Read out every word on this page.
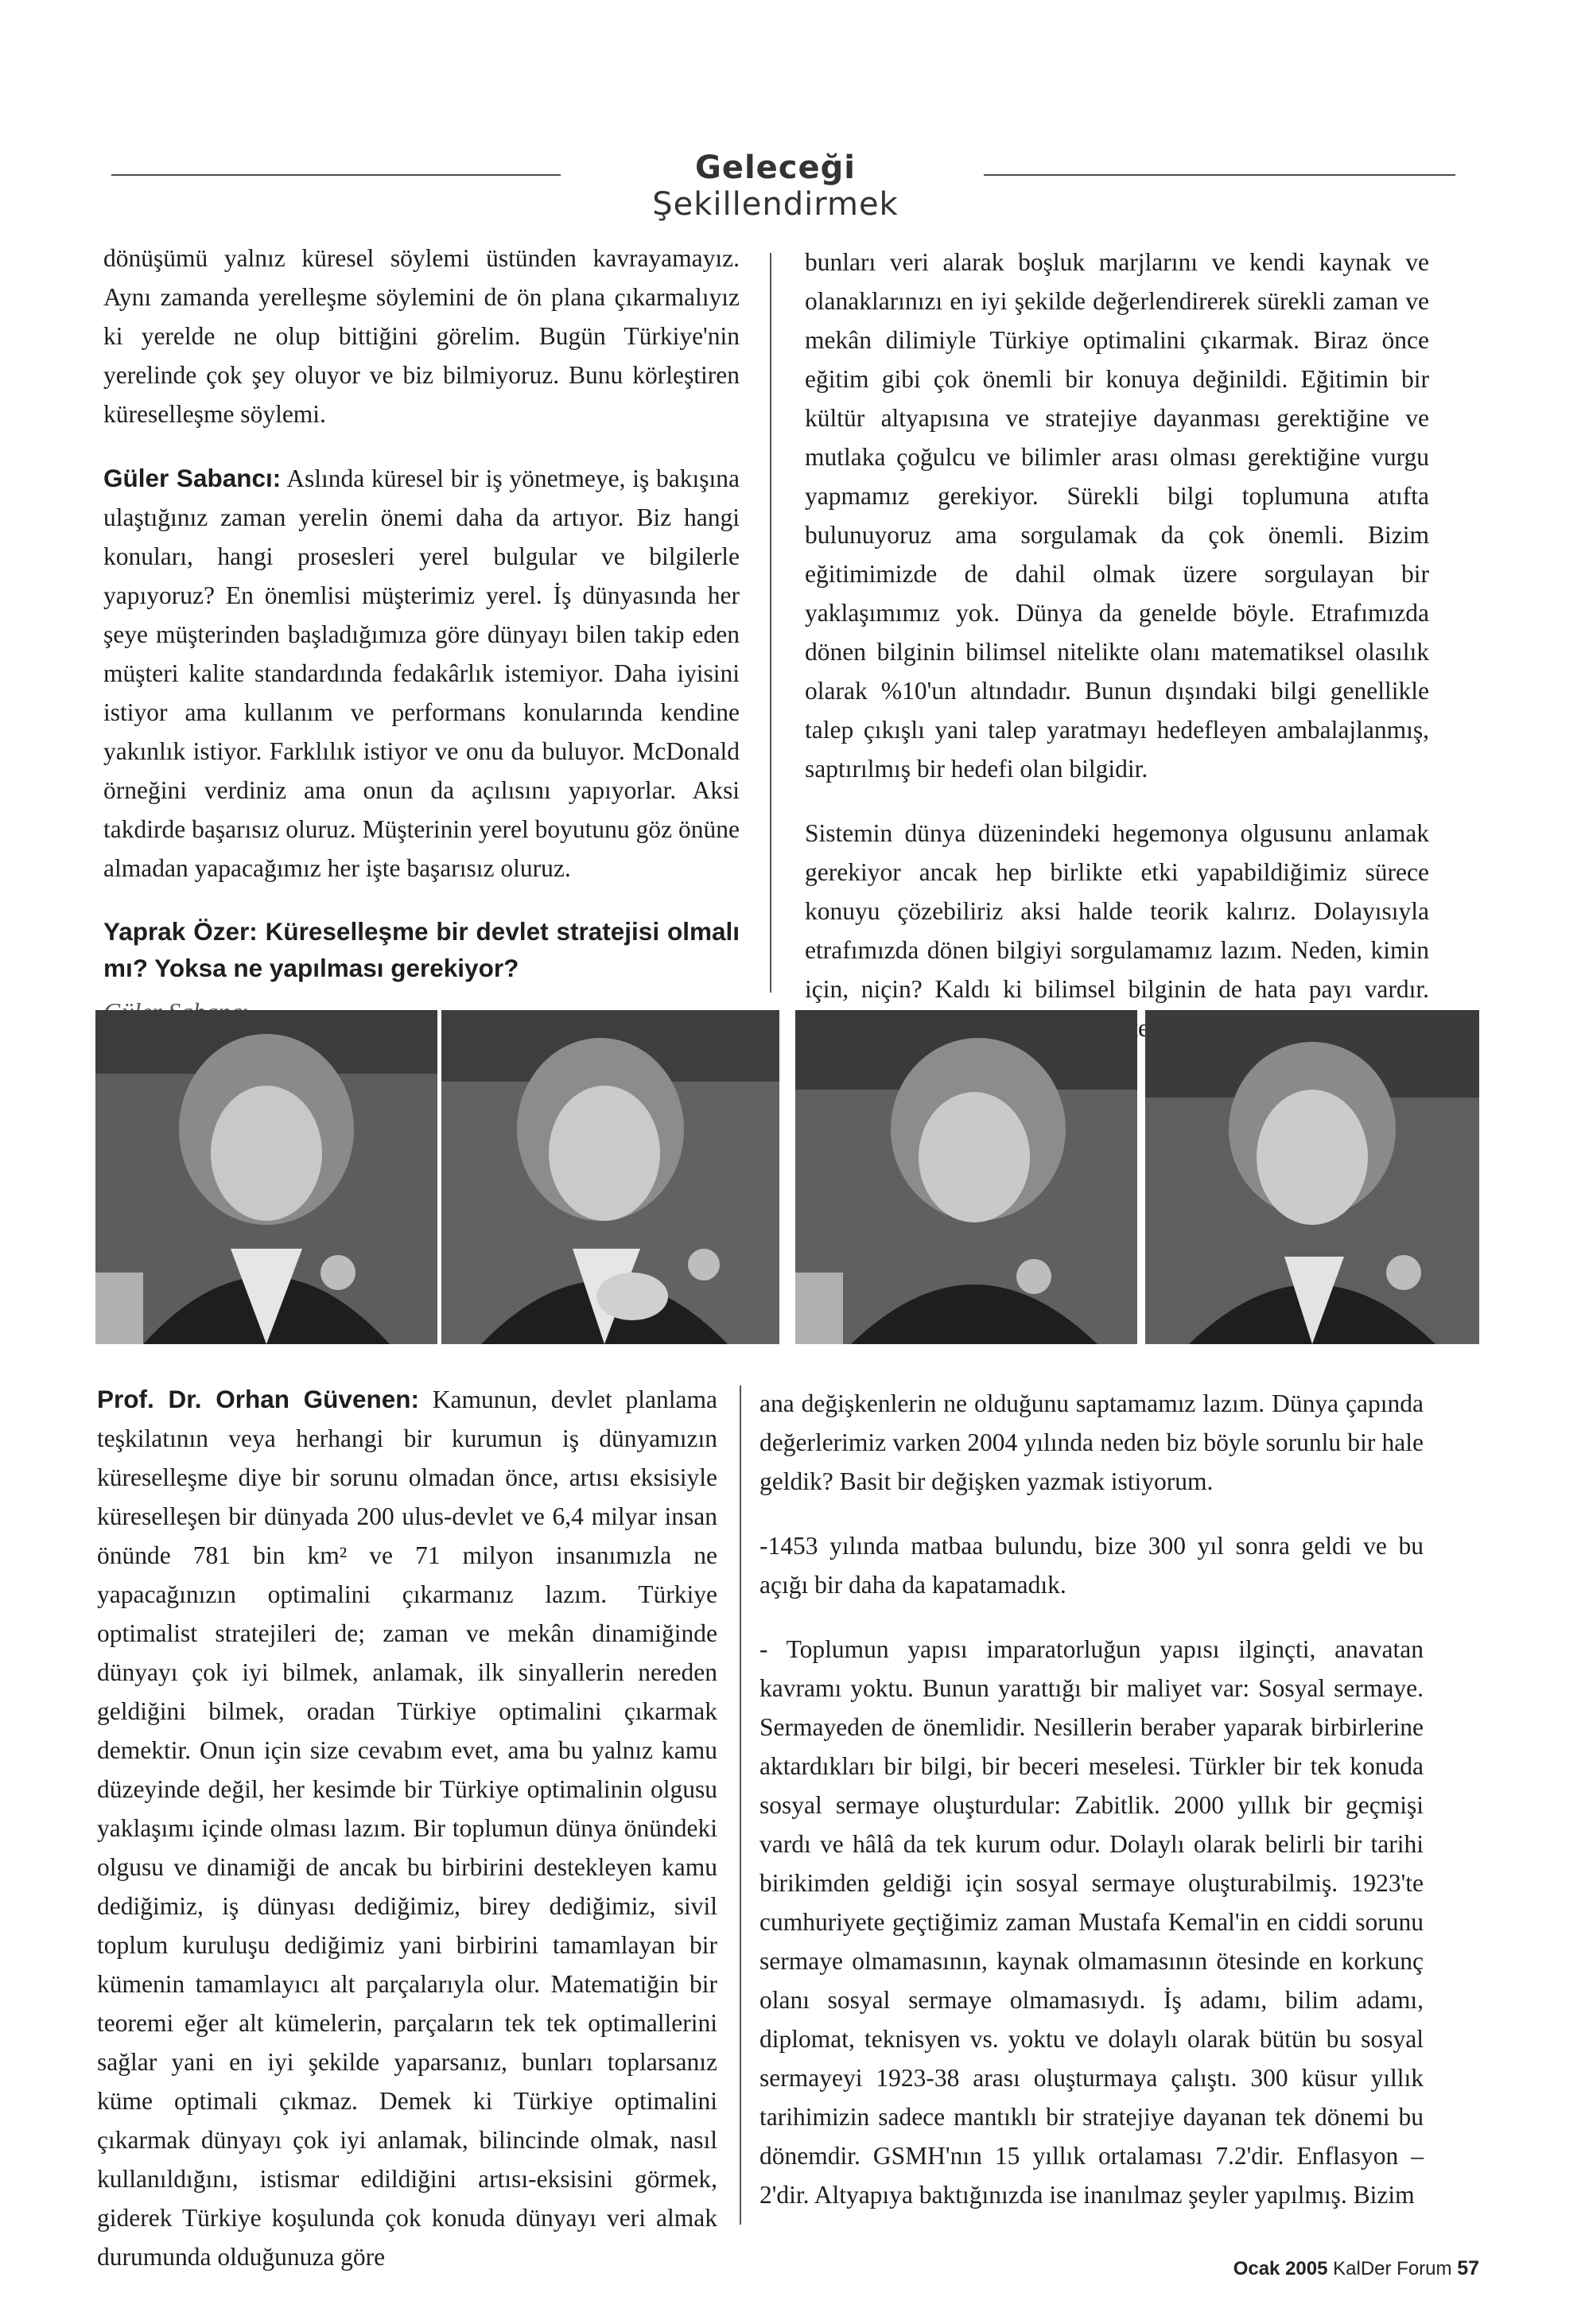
Geleceği Şekillendirmek

dönüşümü yalnız küresel söylemi üstünden kavrayamayız. Aynı zamanda yerelleşme söylemini de ön plana çıkarmalıyız ki yerelde ne olup bittiğini görelim. Bugün Türkiye'nin yerelinde çok şey oluyor ve biz bilmiyoruz. Bunu körleştiren küreselleşme söylemi.

Güler Sabancı: Aslında küresel bir iş yönetmeye, iş bakışına ulaştığınız zaman yerelin önemi daha da artıyor. Biz hangi konuları, hangi prosesleri yerel bulgular ve bilgilerle yapıyoruz? En önemlisi müşterimiz yerel. İş dünyasında her şeye müşterinden başladığımıza göre dünyayı bilen takip eden müşteri kalite standardında fedakârlık istemiyor. Daha iyisini istiyor ama kullanım ve performans konularında kendine yakınlık istiyor. Farklılık istiyor ve onu da buluyor. McDonald örneğini verdiniz ama onun da açılısını yapıyorlar. Aksi takdirde başarısız oluruz. Müşterinin yerel boyutunu göz önüne almadan yapacağımız her işte başarısız oluruz.

Yaprak Özer: Küreselleşme bir devlet stratejisi olmalı mı? Yoksa ne yapılması gerekiyor?

bunları veri alarak boşluk marjlarını ve kendi kaynak ve olanaklarınızı en iyi şekilde değerlendirerek sürekli zaman ve mekân dilimiyle Türkiye optimalini çıkarmak. Biraz önce eğitim gibi çok önemli bir konuya değinildi. Eğitimin bir kültür altyapısına ve stratejiye dayanması gerektiğine ve mutlaka çoğulcu ve bilimler arası olması gerektiğine vurgu yapmamız gerekiyor. Sürekli bilgi toplumuna atıfta bulunuyoruz ama sorgulamak da çok önemli. Bizim eğitimimizde de dahil olmak üzere sorgulayan bir yaklaşımımız yok. Dünya da genelde böyle. Etrafımızda dönen bilginin bilimsel nitelikte olanı matematiksel olasılık olarak %10'un altındadır. Bunun dışındaki bilgi genellikle talep çıkışlı yani talep yaratmayı hedefleyen ambalajlanmış, saptırılmış bir hedefi olan bilgidir.

Sistemin dünya düzenindeki hegemonya olgusunu anlamak gerekiyor ancak hep birlikte etki yapabildiğimiz sürece konuyu çözebiliriz aksi halde teorik kalırız. Dolayısıyla etrafımızda dönen bilgiyi sorgulamamız lazım. Neden, kimin için, niçin? Kaldı ki bilimsel bilginin de hata payı vardır. sistemi

Prof. Dr. Orhan Güvenen: Kamunun, devlet planlama teşkilatının veya herhangi bir kurumun iş dünyamızın küreselleşme diye bir sorunu olmadan önce, artısı eksisiyle küreselleşen bir dünyada 200 ulus-devlet ve 6,4 milyar insan önünde 781 bin km² ve 71 milyon insanımızla ne yapacağınızın optimalini çıkarmanız lazım. Türkiye optimalist stratejileri de; zaman ve mekân dinamiğinde dünyayı çok iyi bilmek, anlamak, ilk sinyallerin nereden geldiğini bilmek, oradan Türkiye optimalini çıkarmak demektir. Onun için size cevabım evet, ama bu yalnız kamu düzeyinde değil, her kesimde bir Türkiye optimalinin olgusu yaklaşımı içinde olması lazım. Bir toplumun dünya önündeki olgusu ve dinamiği de ancak bu birbirini destekleyen kamu dediğimiz, iş dünyası dediğimiz, birey dediğimiz, sivil toplum kuruluşu dediğimiz yani birbirini tamamlayan bir kümenin tamamlayıcı alt parçalarıyla olur. Matematiğin bir teoremi eğer alt kümelerin, parçaların tek tek optimallerini sağlar yani en iyi şekilde yaparsanız, bunları toplarsanız küme optimali çıkmaz. Demek ki Türkiye optimalini çıkarmak dünyayı çok iyi anlamak, bilincinde olmak, nasıl kullanıldığını, istismar edildiğini artısı-eksisini görmek, giderek Türkiye koşulunda çok konuda dünyayı veri almak durumunda olduğunuza göre

ana değişkenlerin ne olduğunu saptamamız lazım. Dünya çapında değerlerimiz varken 2004 yılında neden biz böyle sorunlu bir hale geldik? Basit bir değişken yazmak istiyorum.

-1453 yılında matbaa bulundu, bize 300 yıl sonra geldi ve bu açığı bir daha da kapatamadık.

- Toplumun yapısı imparatorluğun yapısı ilginçti, anavatan kavramı yoktu. Bunun yarattığı bir maliyet var: Sosyal sermaye. Sermayeden de önemlidir. Nesillerin beraber yaparak birbirlerine aktardıkları bir bilgi, bir beceri meselesi. Türkler bir tek konuda sosyal sermaye oluşturdular: Zabitlik. 2000 yıllık bir geçmişi vardı ve hâlâ da tek kurum odur. Dolaylı olarak belirli bir tarihi birikimden geldiği için sosyal sermaye oluşturabilmiş. 1923'te cumhuriyete geçtiğimiz zaman Mustafa Kemal'in en ciddi sorunu sermaye olmamasının, kaynak olmamasının ötesinde en korkunç olanı sosyal sermaye olmamasıydı. İş adamı, bilim adamı, diplomat, teknisyen vs. yoktu ve dolaylı olarak bütün bu sosyal sermayeyi 1923-38 arası oluşturmaya çalıştı. 300 küsur yıllık tarihimizin sadece mantıklı bir stratejiye dayanan tek dönemi bu dönemdir. GSMH'nın 15 yıllık ortalaması 7.2'dir. Enflasyon –2'dir. Altyapıya baktığınızda ise inanılmaz şeyler yapılmış. Bizim

Ocak 2005 KalDer Forum 57
